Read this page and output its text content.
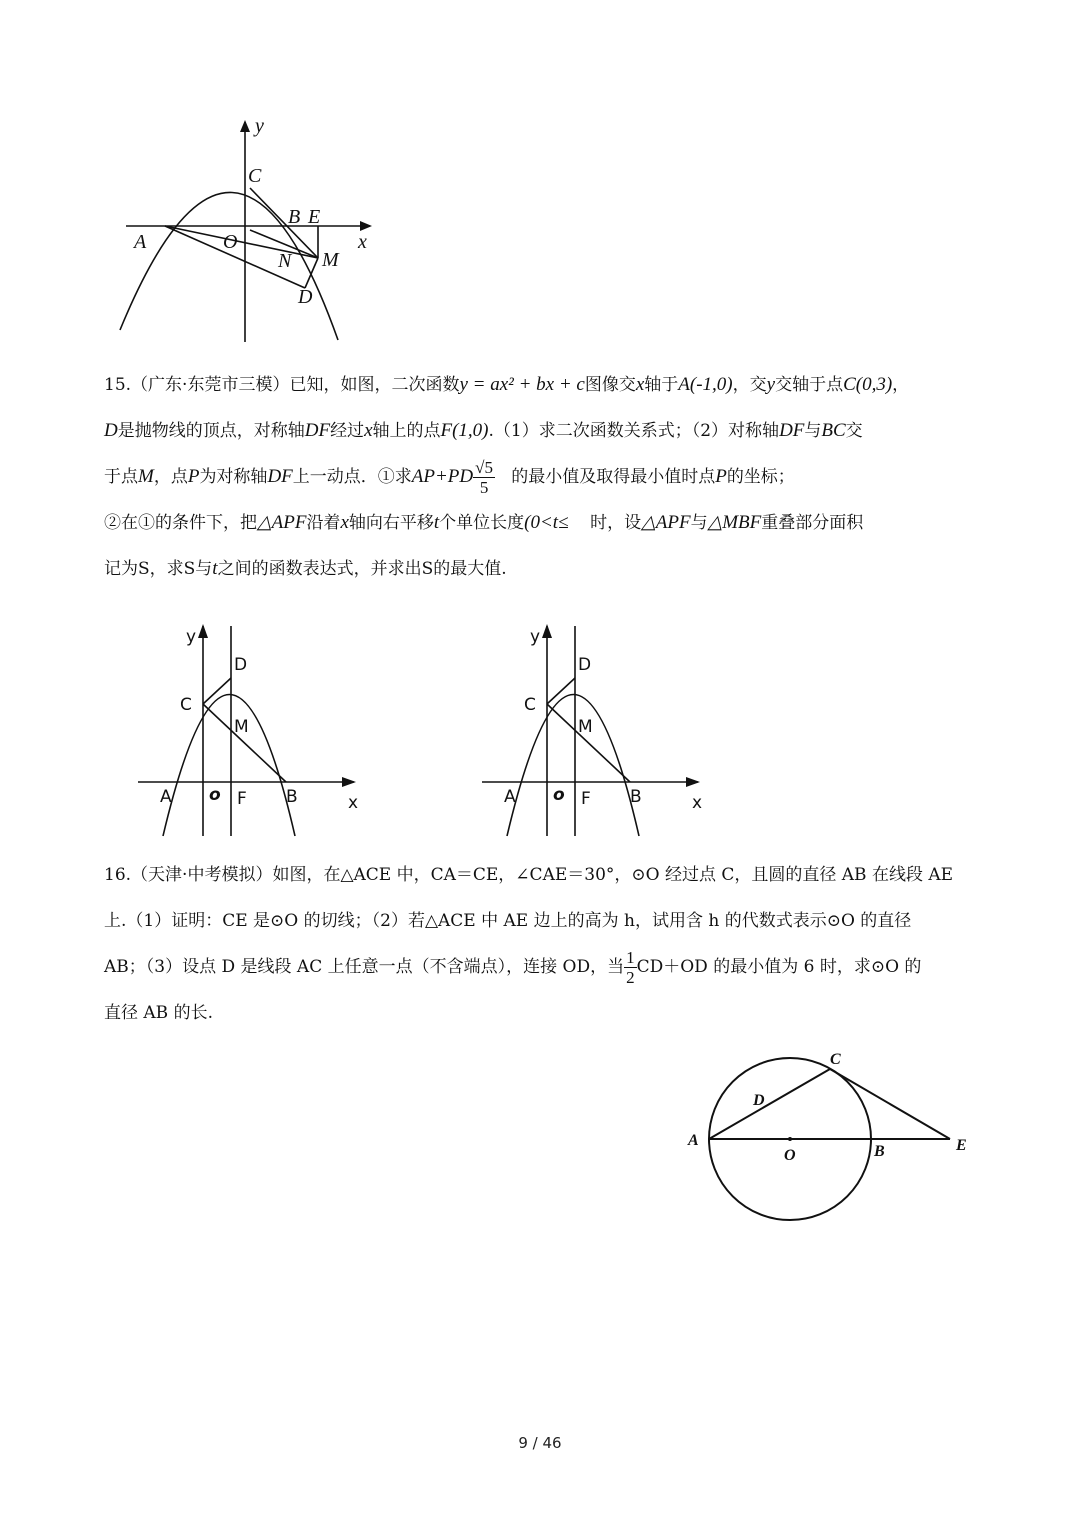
y
x
C
B E
A	O
N M
D
15.（广东·东莞市三模）已知，如图，二次函数y = ax² + bx + c图像交x轴于A(-1,0)，交y交轴于点C(0,3)，
D是抛物线的顶点，对称轴DF经过x轴上的点F(1,0).（1）求二次函数关系式；（2）对称轴DF与BC交
于点M，点P为对称轴DF上一动点．①求$AP+PD \frac{√5}{5}$ 的最小值及取得最小值时点P的坐标；
②在①的条件下，把△APF沿着x轴向右平移t个单位长度(0<t≤ 时，设△APF与△MBF重叠部分面积
记为S，求S与t之间的函数表达式，并求出S的最大值.
y
D
C
M
A o F B	x
y
D
C
M
A o F B	x
16.（天津·中考模拟）如图，在△ACE 中，CA＝CE，∠CAE＝30°，⊙O 经过点 C，且圆的直径 AB 在线段 AE
上.（1）证明：CE 是⊙O 的切线；（2）若△ACE 中 AE 边上的高为 h，试用含 h 的代数式表示⊙O 的直径
AB；（3）设点 D 是线段 AC 上任意一点（不含端点），连接 OD，当 $\frac{1}{2} CD+OD$ 的最小值为 6 时，求⊙O 的
直径 AB 的长.
C
D
A
O	B	E
9 / 46
